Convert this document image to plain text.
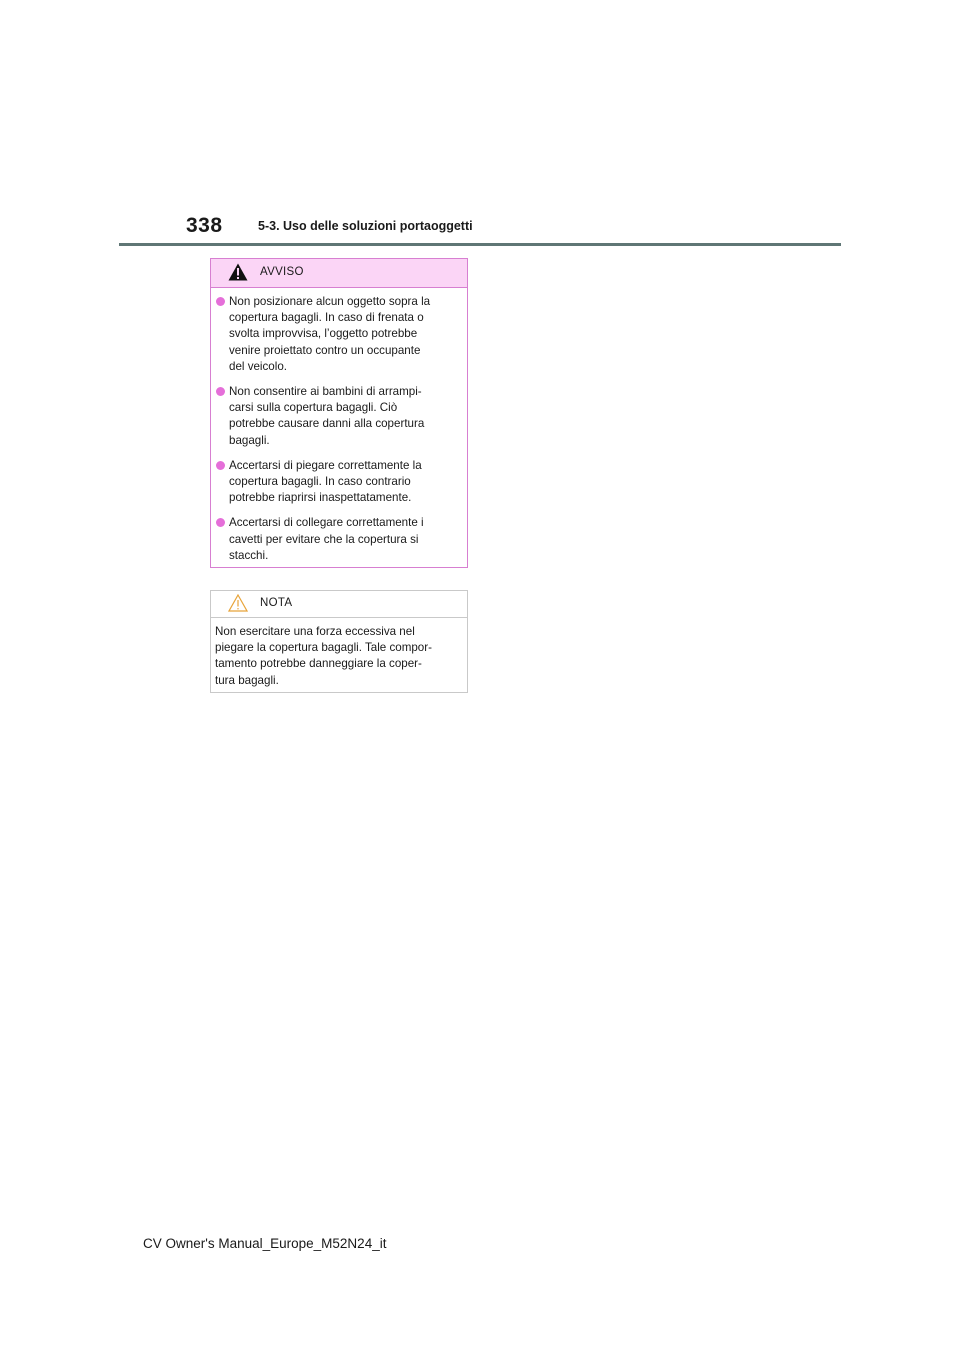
338	5-3. Uso delle soluzioni portaoggetti
AVVISO
Non posizionare alcun oggetto sopra la
copertura bagagli. In caso di frenata o
svolta improvvisa, l’oggetto potrebbe
venire proiettato contro un occupante
del veicolo.
Non consentire ai bambini di arrampi-
carsi sulla copertura bagagli. Ciò
potrebbe causare danni alla copertura
bagagli.
Accertarsi di piegare correttamente la
copertura bagagli. In caso contrario
potrebbe riaprirsi inaspettatamente.
Accertarsi di collegare correttamente i
cavetti per evitare che la copertura si
stacchi.
NOTA
Non esercitare una forza eccessiva nel
piegare la copertura bagagli. Tale compor-
tamento potrebbe danneggiare la coper-
tura bagagli.
CV Owner's Manual_Europe_M52N24_it
